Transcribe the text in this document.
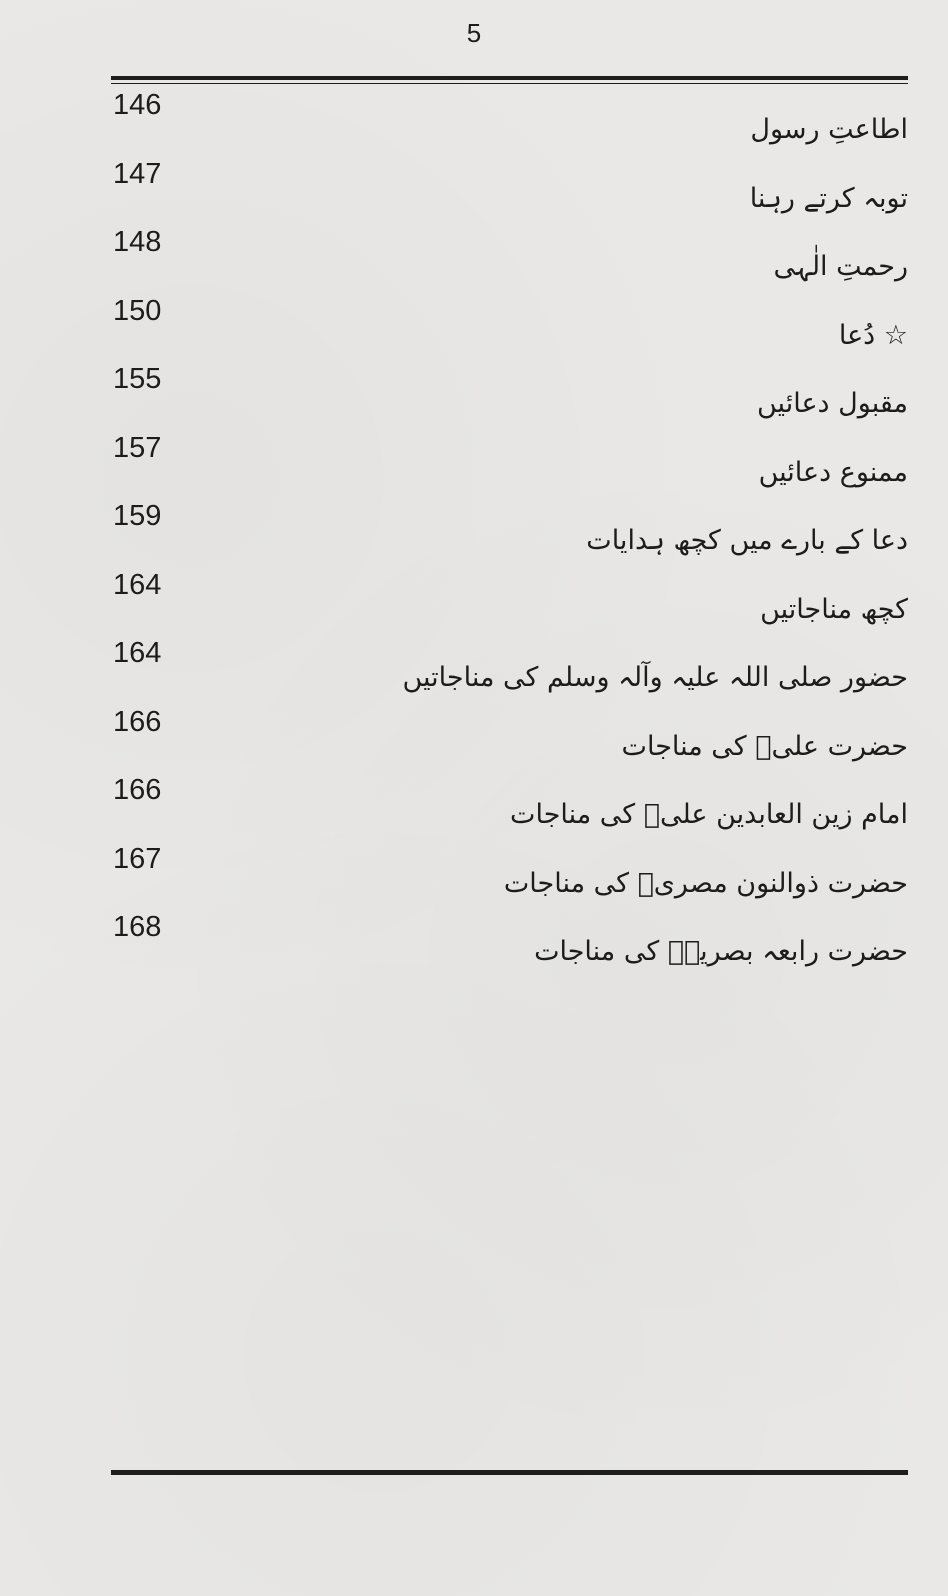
5
146
اطاعتِ رسول
147
توبہ کرتے رہنا
148
رحمتِ الٰہی
150
☆ دُعا
155
مقبول دعائیں
157
ممنوع دعائیں
159
دعا کے بارے میں کچھ ہدایات
164
کچھ مناجاتیں
164
حضور صلی اللہ علیہ وآلہ وسلم کی مناجاتیں
166
حضرت علیؓ کی مناجات
166
امام زین العابدین علیؒ کی مناجات
167
حضرت ذوالنون مصریؒ کی مناجات
168
حضرت رابعہ بصریہؒ کی مناجات
